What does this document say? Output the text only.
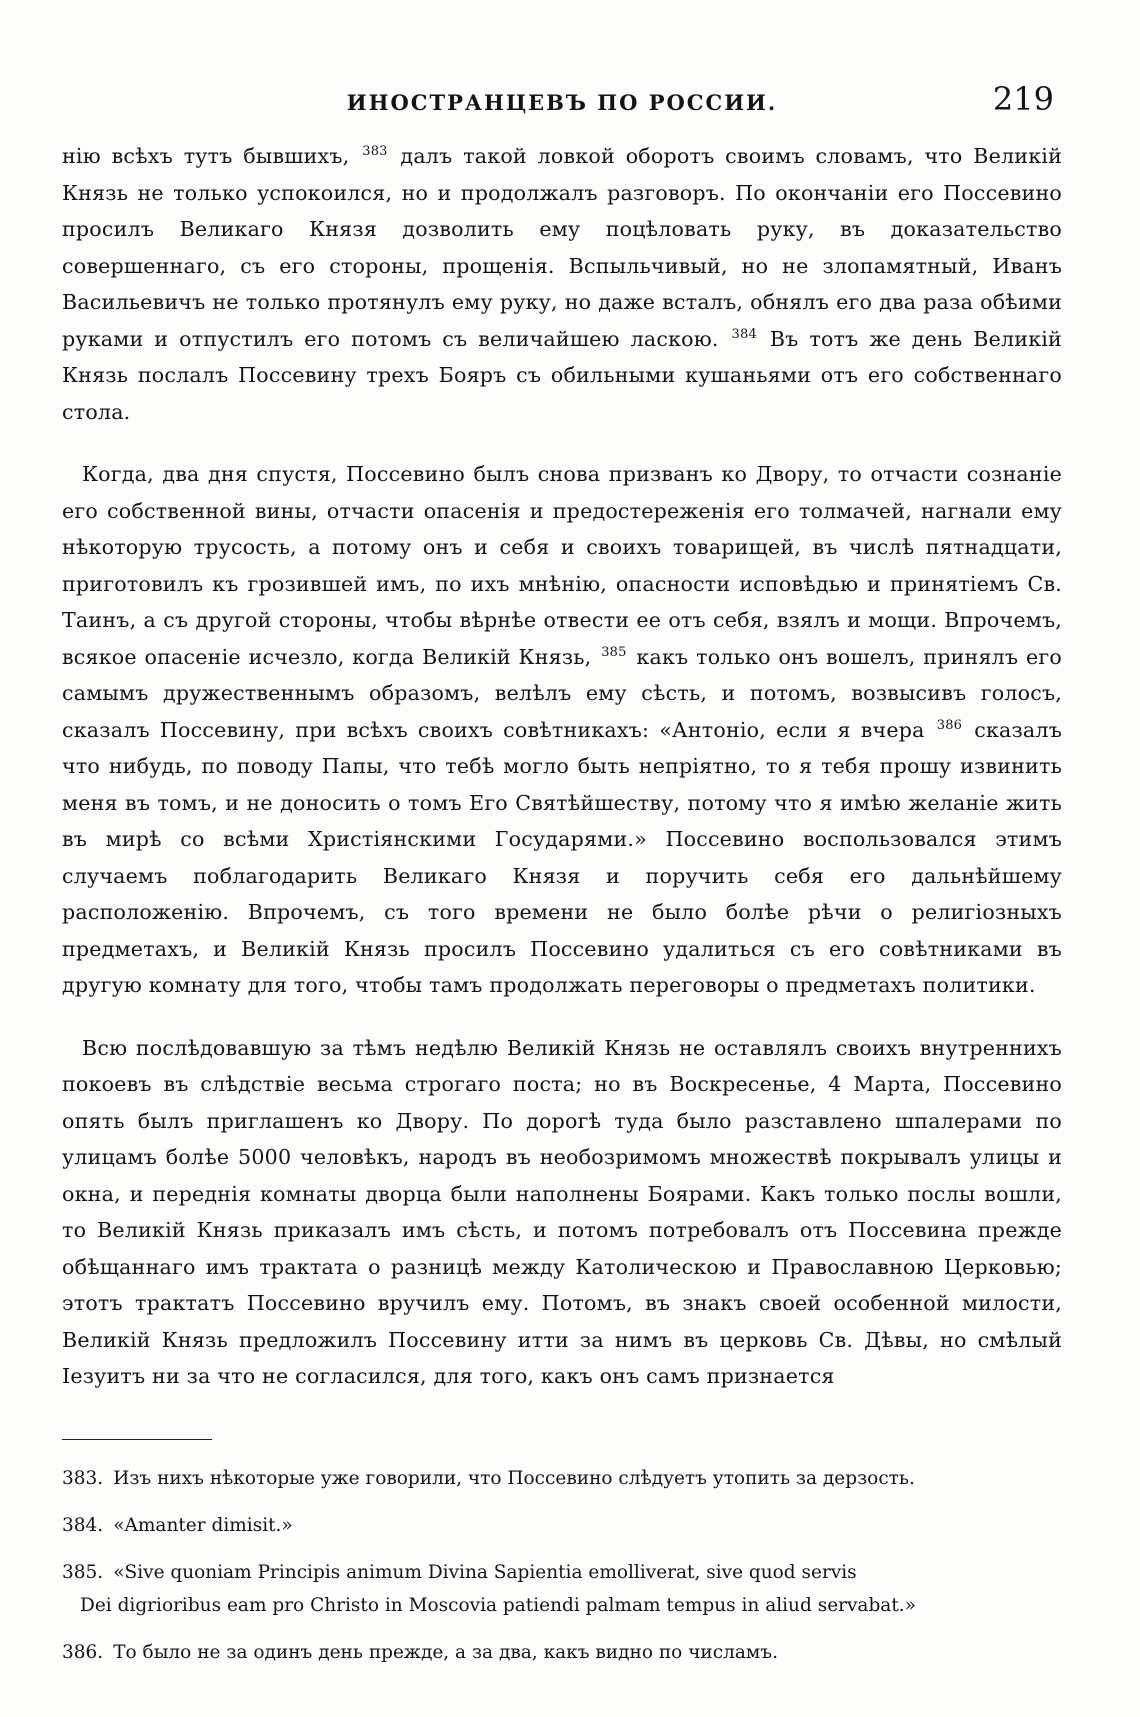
ИНОСТРАНЦЕВЪ ПО РОССИИ.	219

нію всѣхъ тутъ бывшихъ, $^{383}$ далъ такой ловкой оборотъ своимъ словамъ, что Великій Князь не только успокоился, но и продолжалъ разговоръ. По окончаніи его Поссевино просилъ Великаго Князя дозволить ему поцѣловать руку, въ доказательство совершеннаго, съ его стороны, прощенія. Вспыльчивый, но не злопамятный, Иванъ Васильевичъ не только протянулъ ему руку, но даже всталъ, обнялъ его два раза обѣими руками и отпустилъ его потомъ съ величайшею ласкою. $^{384}$ Въ тотъ же день Великій Князь послалъ Поссевину трехъ Бояръ съ обильными кушаньями отъ его собственнаго стола.

Когда, два дня спустя, Поссевино былъ снова призванъ ко Двору, то отчасти сознаніе его собственной вины, отчасти опасенія и предостереженія его толмачей, нагнали ему нѣкоторую трусость, а потому онъ и себя и своихъ товарищей, въ числѣ пятнадцати, приготовилъ къ грозившей имъ, по ихъ мнѣнію, опасности исповѣдью и принятіемъ Св. Таинъ, а съ другой стороны, чтобы вѣрнѣе отвести ее отъ себя, взялъ и мощи. Впрочемъ, всякое опасеніе исчезло, когда Великій Князь, $^{385}$ какъ только онъ вошелъ, принялъ его самымъ дружественнымъ образомъ, велѣлъ ему сѣсть, и потомъ, возвысивъ голосъ, сказалъ Поссевину, при всѣхъ своихъ совѣтникахъ: «Антоніо, если я вчера $^{386}$ сказалъ что нибудь, по поводу Папы, что тебѣ могло быть непріятно, то я тебя прошу извинить меня въ томъ, и не доносить о томъ Его Святѣйшеству, потому что я имѣю желаніе жить въ мирѣ со всѣми Христіянскими Государями.» Поссевино воспользовался этимъ случаемъ поблагодарить Великаго Князя и поручить себя его дальнѣйшему расположенію. Впрочемъ, съ того времени не было болѣе рѣчи о религіозныхъ предметахъ, и Великій Князь просилъ Поссевино удалиться съ его совѣтниками въ другую комнату для того, чтобы тамъ продолжать переговоры о предметахъ политики.

Всю послѣдовавшую за тѣмъ недѣлю Великій Князь не оставлялъ своихъ внутреннихъ покоевъ въ слѣдствіе весьма строгаго поста; но въ Воскресенье, 4 Марта, Поссевино опять былъ приглашенъ ко Двору. По дорогѣ туда было разставлено шпалерами по улицамъ болѣе 5000 человѣкъ, народъ въ необозримомъ множествѣ покрывалъ улицы и окна, и переднія комнаты дворца были наполнены Боярами. Какъ только послы вошли, то Великій Князь приказалъ имъ сѣсть, и потомъ потребовалъ отъ Поссевина прежде обѣщаннаго имъ трактата о разницѣ между Католическою и Православною Церковью; этотъ трактатъ Поссевино вручилъ ему. Потомъ, въ знакъ своей особенной милости, Великій Князь предложилъ Поссевину итти за нимъ въ церковь Св. Дѣвы, но смѣлый Іезуитъ ни за что не согласился, для того, какъ онъ самъ признается

383. Изъ нихъ нѣкоторые уже говорили, что Поссевино слѣдуетъ утопить за дерзость.
384. «Amanter dimisit.»
385. «Sive quoniam Principis animum Divina Sapientia emolliverat, sive quod servis
Dei digrioribus eam pro Christo in Moscovia patiendi palmam tempus in aliud servabat.»
386. То было не за одинъ день прежде, а за два, какъ видно по числамъ.
